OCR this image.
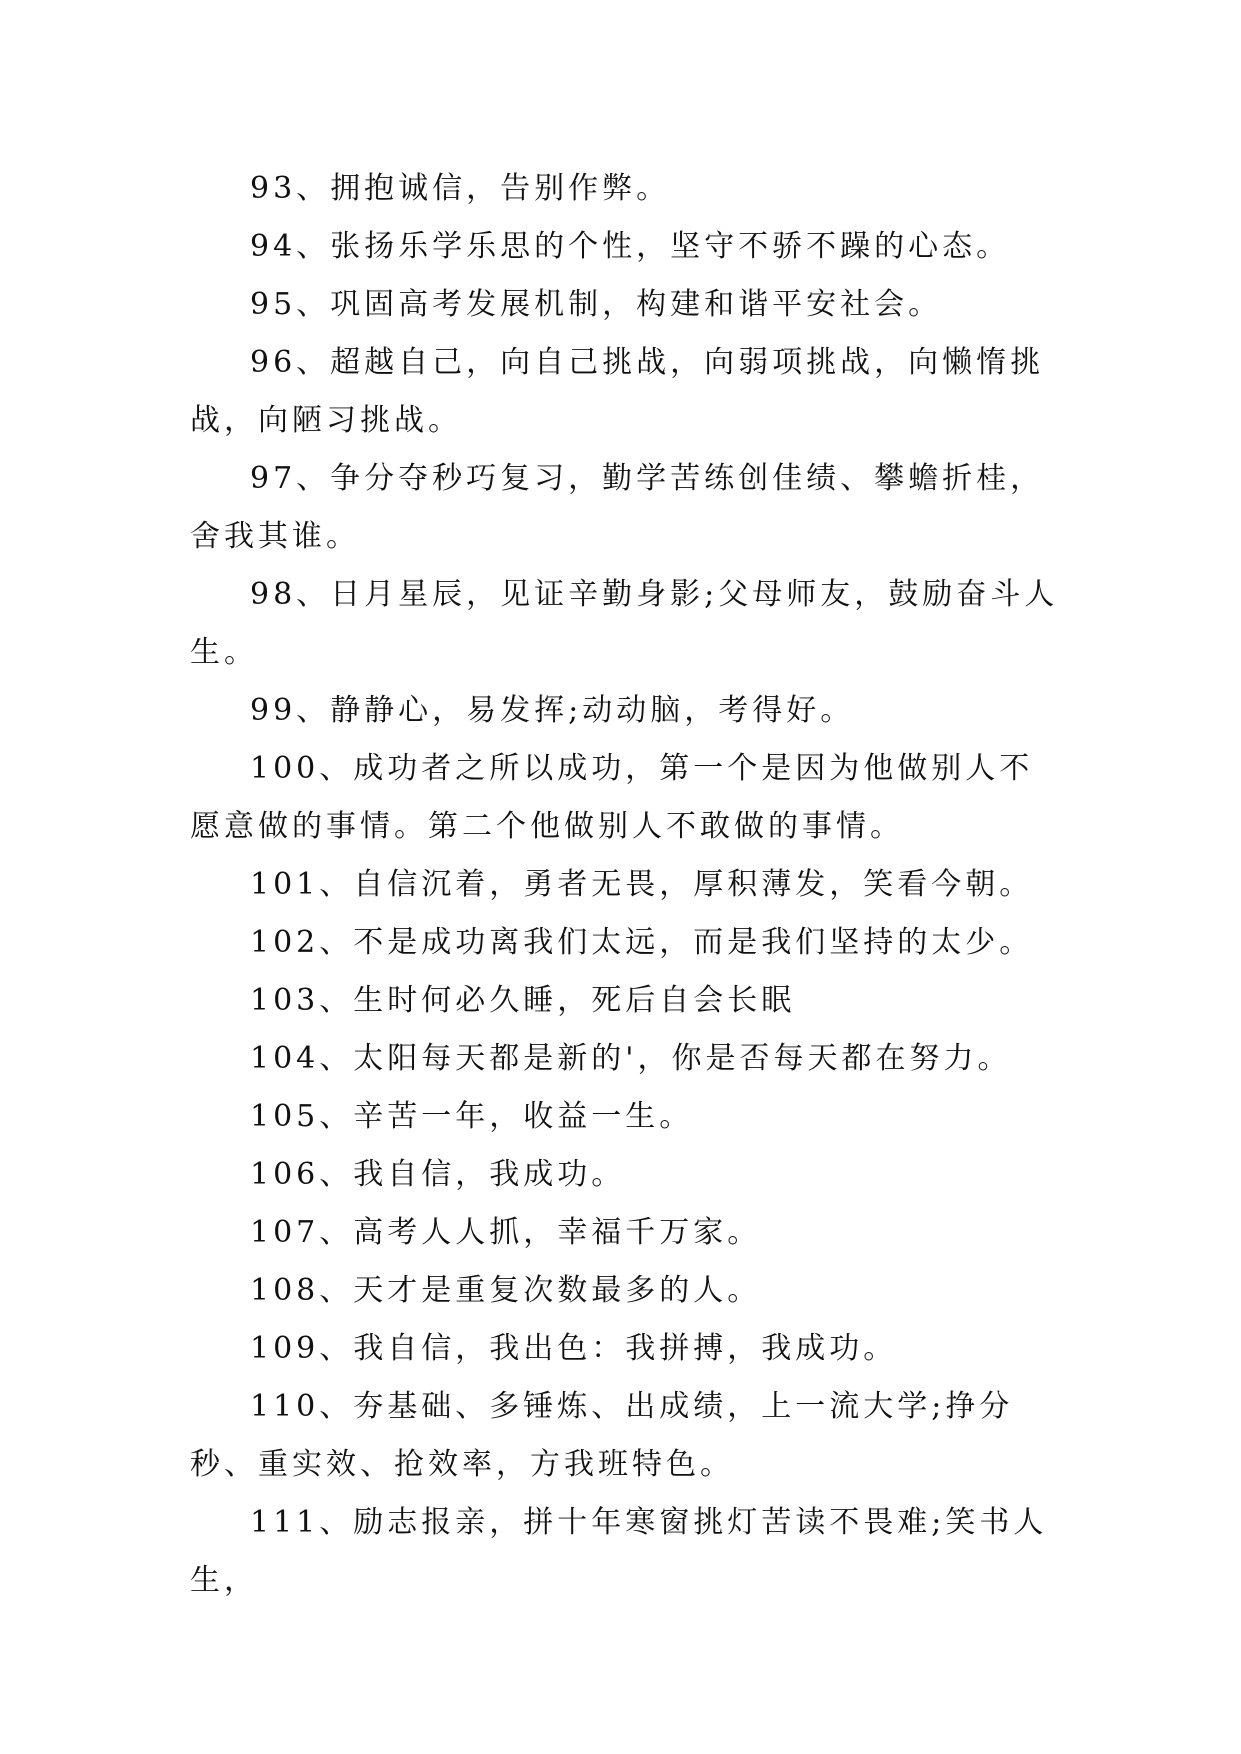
93、拥抱诚信，告别作弊。

94、张扬乐学乐思的个性，坚守不骄不躁的心态。

95、巩固高考发展机制，构建和谐平安社会。

96、超越自己，向自己挑战，向弱项挑战，向懒惰挑战，向陋习挑战。

97、争分夺秒巧复习，勤学苦练创佳绩、攀蟾折桂，舍我其谁。

98、日月星辰，见证辛勤身影;父母师友，鼓励奋斗人生。

99、静静心，易发挥;动动脑，考得好。

100、成功者之所以成功，第一个是因为他做别人不愿意做的事情。第二个他做别人不敢做的事情。

101、自信沉着，勇者无畏，厚积薄发，笑看今朝。

102、不是成功离我们太远，而是我们坚持的太少。

103、生时何必久睡，死后自会长眠

104、太阳每天都是新的'，你是否每天都在努力。

105、辛苦一年，收益一生。

106、我自信，我成功。

107、高考人人抓，幸福千万家。

108、天才是重复次数最多的人。

109、我自信，我出色：我拼搏，我成功。

110、夯基础、多锤炼、出成绩，上一流大学;挣分秒、重实效、抢效率，方我班特色。

111、励志报亲，拼十年寒窗挑灯苦读不畏难;笑书人生，
